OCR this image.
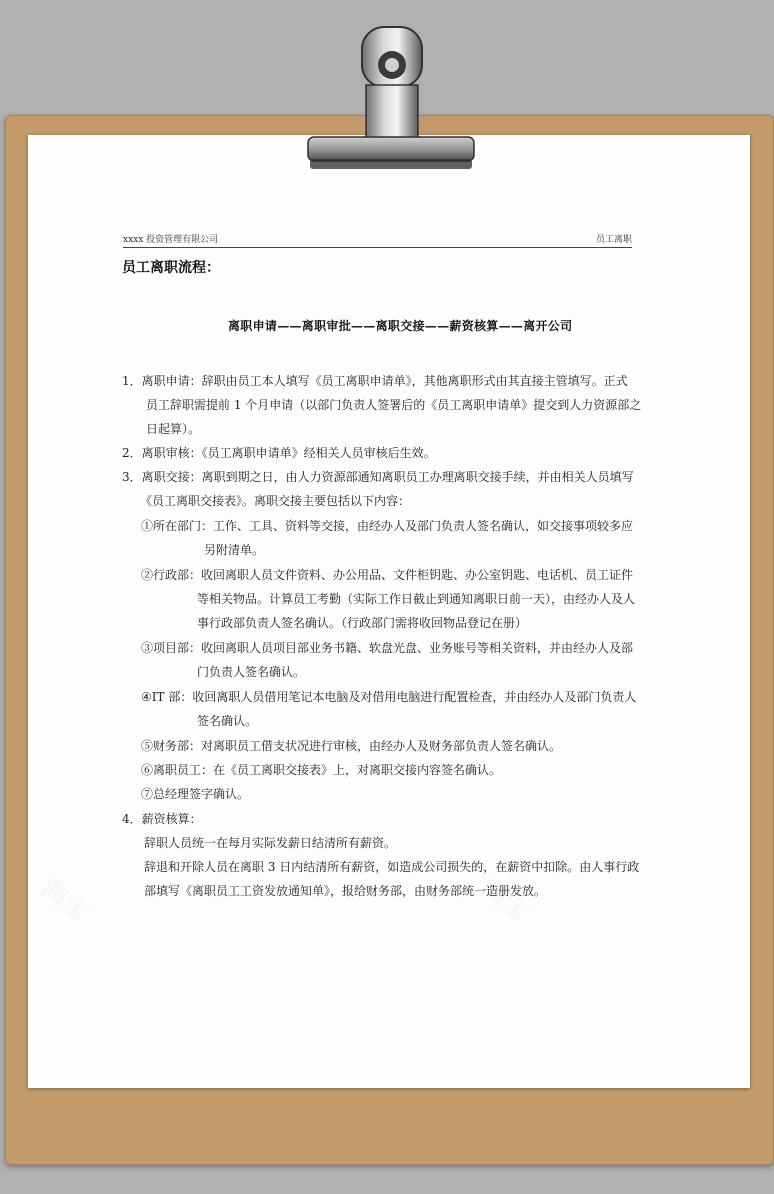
xxxx 投资管理有限公司	员工离职
员工离职流程：
离职申请——离职审批——离职交接——薪资核算——离开公司
1．离职申请：辞职由员工本人填写《员工离职申请单》，其他离职形式由其直接主管填写。正式
员工辞职需提前 1 个月申请（以部门负责人签署后的《员工离职申请单》提交到人力资源部之
日起算）。
2．离职审核：《员工离职申请单》经相关人员审核后生效。
3．离职交接：离职到期之日，由人力资源部通知离职员工办理离职交接手续，并由相关人员填写
《员工离职交接表》。离职交接主要包括以下内容：
①所在部门：工作、工具、资料等交接，由经办人及部门负责人签名确认，如交接事项较多应
另附清单。
②行政部：收回离职人员文件资料、办公用品、文件柜钥匙、办公室钥匙、电话机、员工证件
等相关物品。计算员工考勤（实际工作日截止到通知离职日前一天），由经办人及人
事行政部负责人签名确认。（行政部门需将收回物品登记在册）
③项目部：收回离职人员项目部业务书籍、软盘光盘、业务账号等相关资料，并由经办人及部
门负责人签名确认。
④IT 部：收回离职人员借用笔记本电脑及对借用电脑进行配置检查，并由经办人及部门负责人
签名确认。
⑤财务部：对离职员工借支状况进行审核，由经办人及财务部负责人签名确认。
⑥离职员工：在《员工离职交接表》上，对离职交接内容签名确认。
⑦总经理签字确认。
4．薪资核算：
辞职人员统一在每月实际发薪日结清所有薪资。
辞退和开除人员在离职 3 日内结清所有薪资，如造成公司损失的，在薪资中扣除。由人事行政
部填写《离职员工工资发放通知单》，报给财务部，由财务部统一造册发放。
